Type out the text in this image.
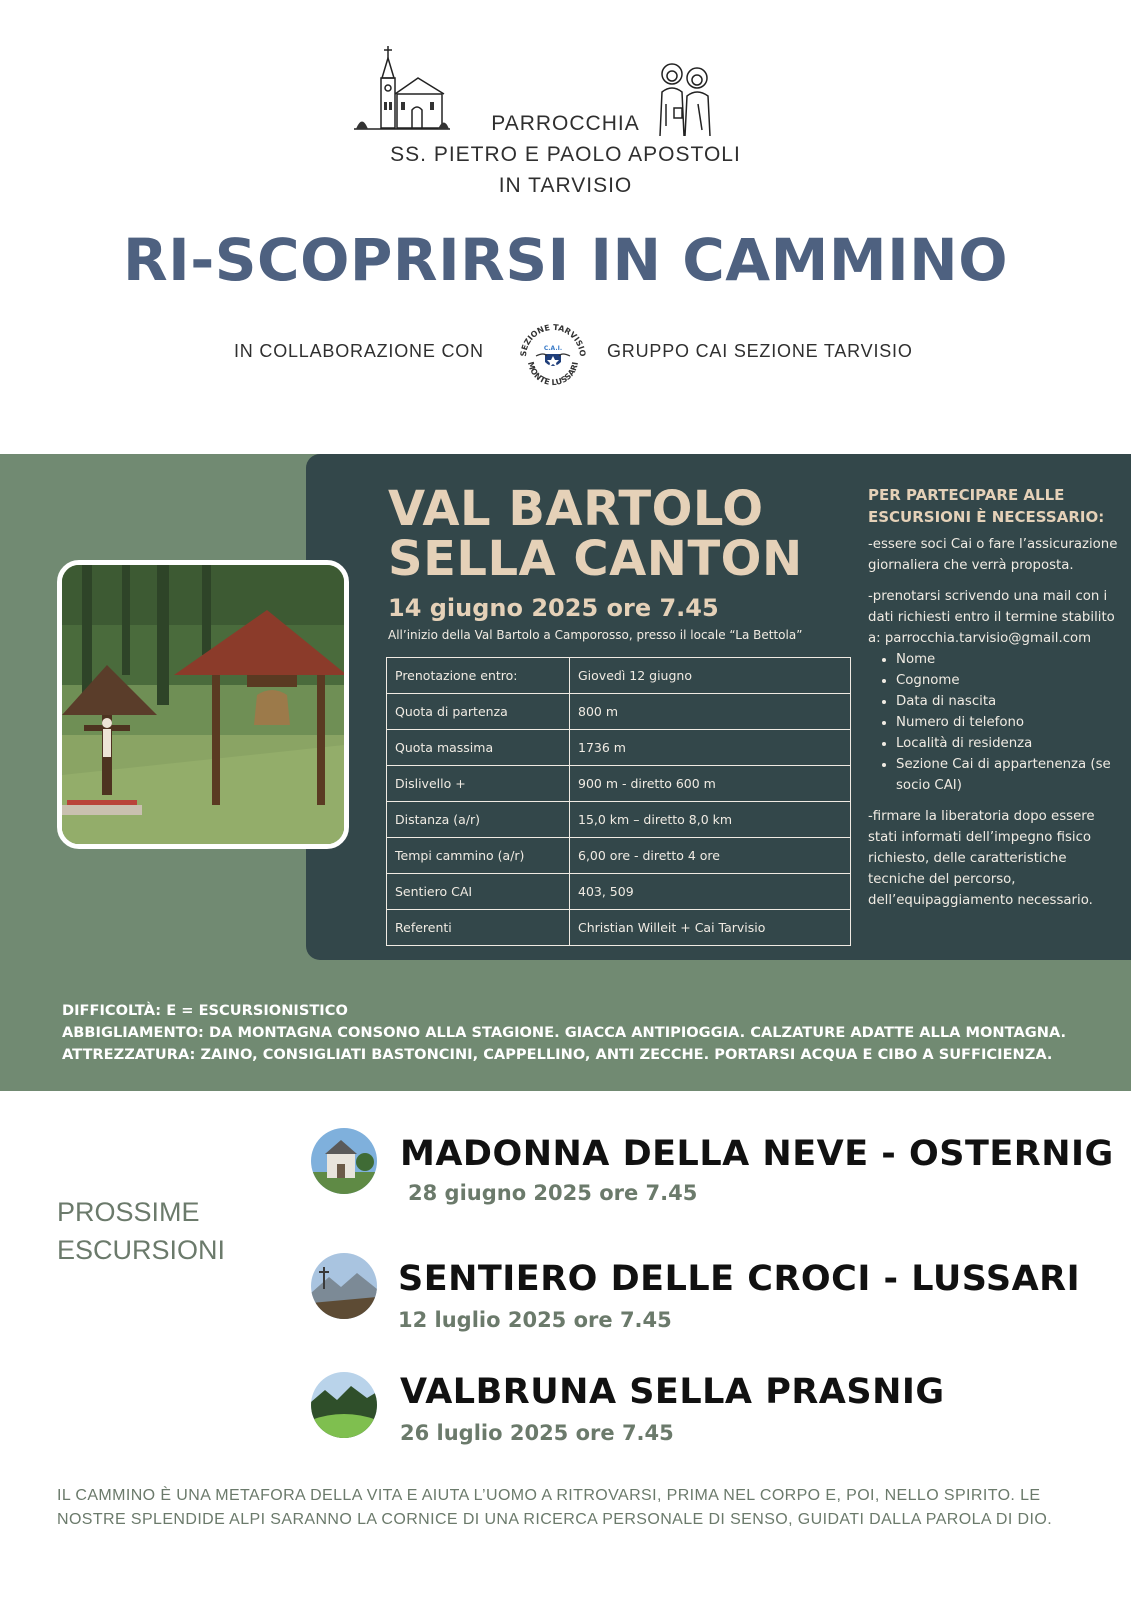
PARROCCHIA
SS. PIETRO E PAOLO APOSTOLI
IN TARVISIO
RI-SCOPRIRSI IN CAMMINO
IN COLLABORAZIONE CON	SEZIONE TARVISIO
MONTE LUSSARI
C.A.I. GRUPPO CAI SEZIONE TARVISIO
VAL BARTOLO
SELLA CANTON
14 giugno 2025 ore 7.45
All’inizio della Val Bartolo a Camporosso, presso il locale “La Bettola”
Prenotazione entro:	Giovedì 12 giugno
Quota di partenza	800 m
Quota massima	1736 m
Dislivello +	900 m - diretto 600 m
Distanza (a/r)	15,0 km – diretto 8,0 km
Tempi cammino (a/r)	6,00 ore - diretto 4 ore
Sentiero CAI	403, 509
Referenti	Christian Willeit + Cai Tarvisio
PER PARTECIPARE ALLE
ESCURSIONI È NECESSARIO:

-essere soci Cai o fare l’assicurazione giornaliera che verrà proposta.

-prenotarsi scrivendo una mail con i dati richiesti entro il termine stabilito a: parrocchia.tarvisio@gmail.com

• Nome
• Cognome
• Data di nascita
• Numero di telefono
• Località di residenza
• Sezione Cai di appartenenza (se socio CAI)

-firmare la liberatoria dopo essere stati informati dell’impegno fisico richiesto, delle caratteristiche tecniche del percorso, dell’equipaggiamento necessario.

DIFFICOLTÀ: E = ESCURSIONISTICO
ABBIGLIAMENTO: DA MONTAGNA CONSONO ALLA STAGIONE. GIACCA ANTIPIOGGIA. CALZATURE ADATTE ALLA MONTAGNA.
ATTREZZATURA: ZAINO, CONSIGLIATI BASTONCINI, CAPPELLINO, ANTI ZECCHE. PORTARSI ACQUA E CIBO A SUFFICIENZA.
PROSSIME
ESCURSIONI
MADONNA DELLA NEVE - OSTERNIG
28 giugno 2025 ore 7.45
SENTIERO DELLE CROCI - LUSSARI
12 luglio 2025 ore 7.45
VALBRUNA SELLA PRASNIG
26 luglio 2025 ore 7.45
IL CAMMINO È UNA METAFORA DELLA VITA E AIUTA L’UOMO A RITROVARSI, PRIMA NEL CORPO E, POI, NELLO SPIRITO. LE NOSTRE SPLENDIDE ALPI SARANNO LA CORNICE DI UNA RICERCA PERSONALE DI SENSO, GUIDATI DALLA PAROLA DI DIO.
